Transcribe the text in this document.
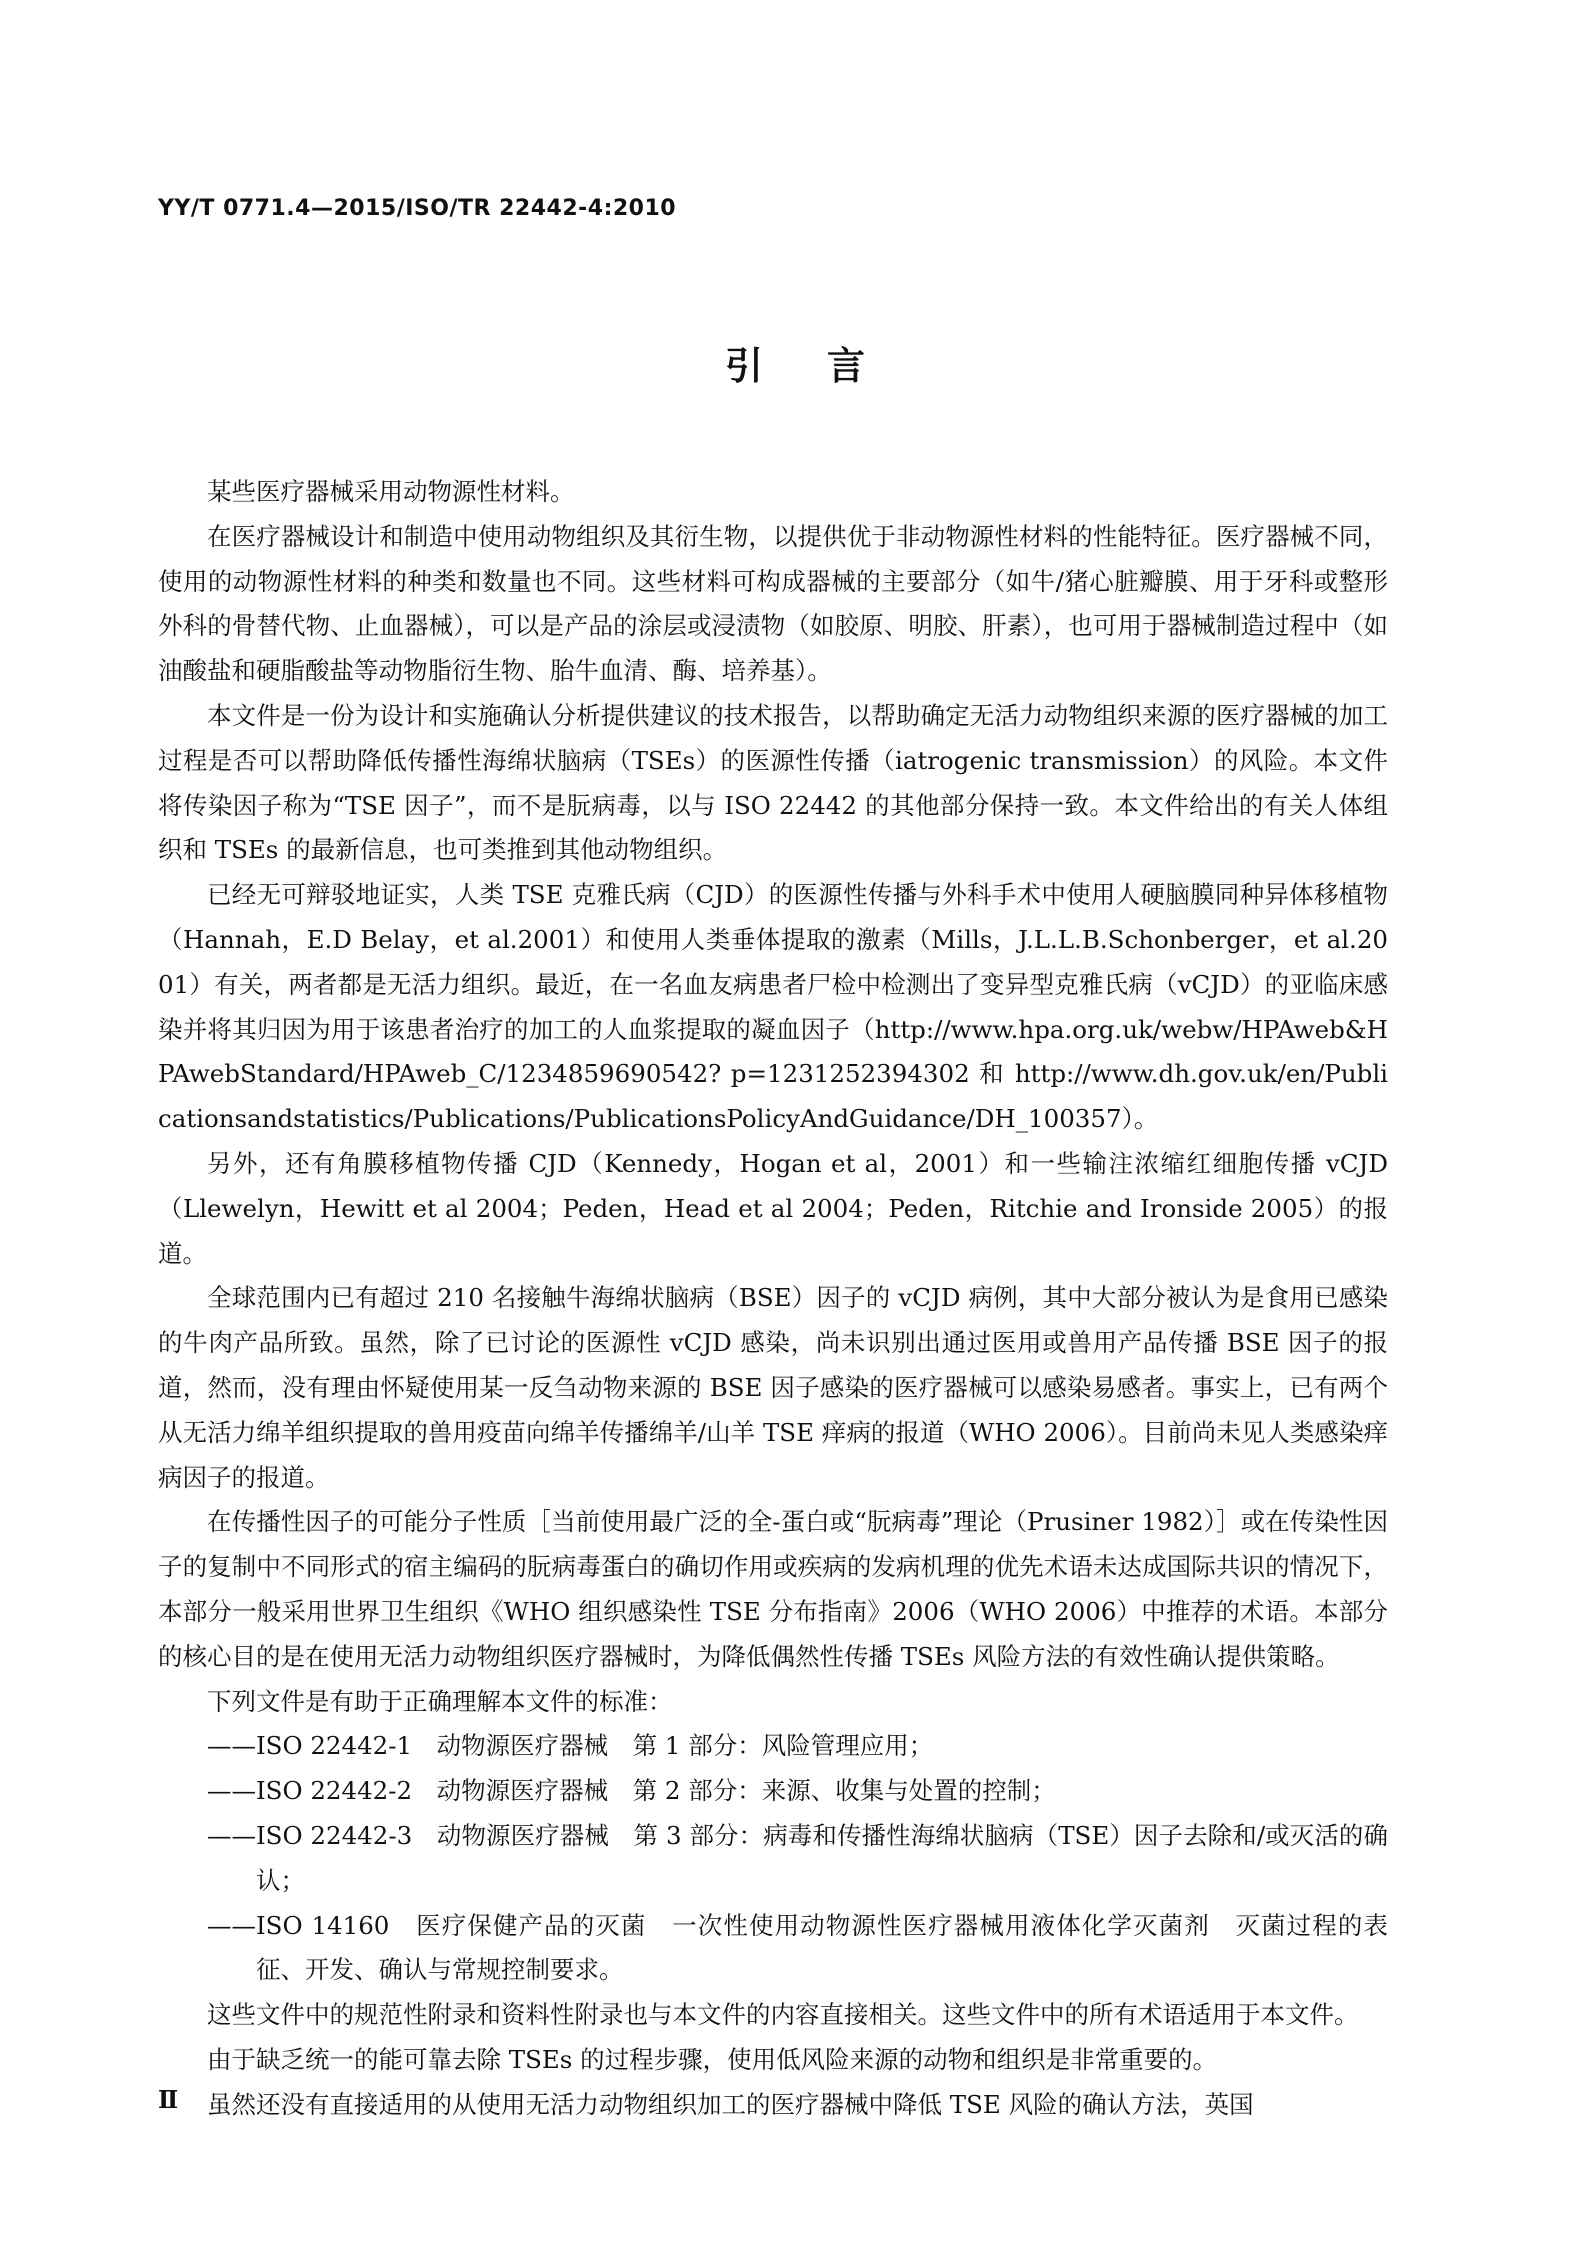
YY/T 0771.4—2015/ISO/TR 22442-4:2010
引言

某些医疗器械采用动物源性材料。

在医疗器械设计和制造中使用动物组织及其衍生物，以提供优于非动物源性材料的性能特征。医疗器械不同，使用的动物源性材料的种类和数量也不同。这些材料可构成器械的主要部分（如牛/猪心脏瓣膜、用于牙科或整形外科的骨替代物、止血器械），可以是产品的涂层或浸渍物（如胶原、明胶、肝素），也可用于器械制造过程中（如油酸盐和硬脂酸盐等动物脂衍生物、胎牛血清、酶、培养基）。

本文件是一份为设计和实施确认分析提供建议的技术报告，以帮助确定无活力动物组织来源的医疗器械的加工过程是否可以帮助降低传播性海绵状脑病（TSEs）的医源性传播（iatrogenic transmission）的风险。本文件将传染因子称为“TSE 因子”，而不是朊病毒，以与 ISO 22442 的其他部分保持一致。本文件给出的有关人体组织和 TSEs 的最新信息，也可类推到其他动物组织。

已经无可辩驳地证实，人类 TSE 克雅氏病（CJD）的医源性传播与外科手术中使用人硬脑膜同种异体移植物（Hannah，E.D Belay，et al.2001）和使用人类垂体提取的激素（Mills，J.L.L.B.Schonberger，et al.2001）有关，两者都是无活力组织。最近，在一名血友病患者尸检中检测出了变异型克雅氏病（vCJD）的亚临床感染并将其归因为用于该患者治疗的加工的人血浆提取的凝血因子（http://www.hpa.org.uk/webw/HPAweb&HPAwebStandard/HPAweb_C/1234859690542? p=1231252394302 和 http://www.dh.gov.uk/en/Publicationsandstatistics/Publications/PublicationsPolicyAndGuidance/DH_100357）。

另外，还有角膜移植物传播 CJD（Kennedy，Hogan et al，2001）和一些输注浓缩红细胞传播 vCJD（Llewelyn，Hewitt et al 2004；Peden，Head et al 2004；Peden，Ritchie and Ironside 2005）的报道。

全球范围内已有超过 210 名接触牛海绵状脑病（BSE）因子的 vCJD 病例，其中大部分被认为是食用已感染的牛肉产品所致。虽然，除了已讨论的医源性 vCJD 感染，尚未识别出通过医用或兽用产品传播 BSE 因子的报道，然而，没有理由怀疑使用某一反刍动物来源的 BSE 因子感染的医疗器械可以感染易感者。事实上，已有两个从无活力绵羊组织提取的兽用疫苗向绵羊传播绵羊/山羊 TSE 痒病的报道（WHO 2006）。目前尚未见人类感染痒病因子的报道。

在传播性因子的可能分子性质［当前使用最广泛的全-蛋白或“朊病毒”理论（Prusiner 1982）］或在传染性因子的复制中不同形式的宿主编码的朊病毒蛋白的确切作用或疾病的发病机理的优先术语未达成国际共识的情况下，本部分一般采用世界卫生组织《WHO 组织感染性 TSE 分布指南》2006（WHO 2006）中推荐的术语。本部分的核心目的是在使用无活力动物组织医疗器械时，为降低偶然性传播 TSEs 风险方法的有效性确认提供策略。

下列文件是有助于正确理解本文件的标准：

——ISO 22442-1　动物源医疗器械　第 1 部分：风险管理应用；

——ISO 22442-2　动物源医疗器械　第 2 部分：来源、收集与处置的控制；

——ISO 22442-3　动物源医疗器械　第 3 部分：病毒和传播性海绵状脑病（TSE）因子去除和/或灭活的确认；

——ISO 14160　医疗保健产品的灭菌　一次性使用动物源性医疗器械用液体化学灭菌剂　灭菌过程的表征、开发、确认与常规控制要求。

这些文件中的规范性附录和资料性附录也与本文件的内容直接相关。这些文件中的所有术语适用于本文件。

由于缺乏统一的能可靠去除 TSEs 的过程步骤，使用低风险来源的动物和组织是非常重要的。

虽然还没有直接适用的从使用无活力动物组织加工的医疗器械中降低 TSE 风险的确认方法，英国

Ⅱ
